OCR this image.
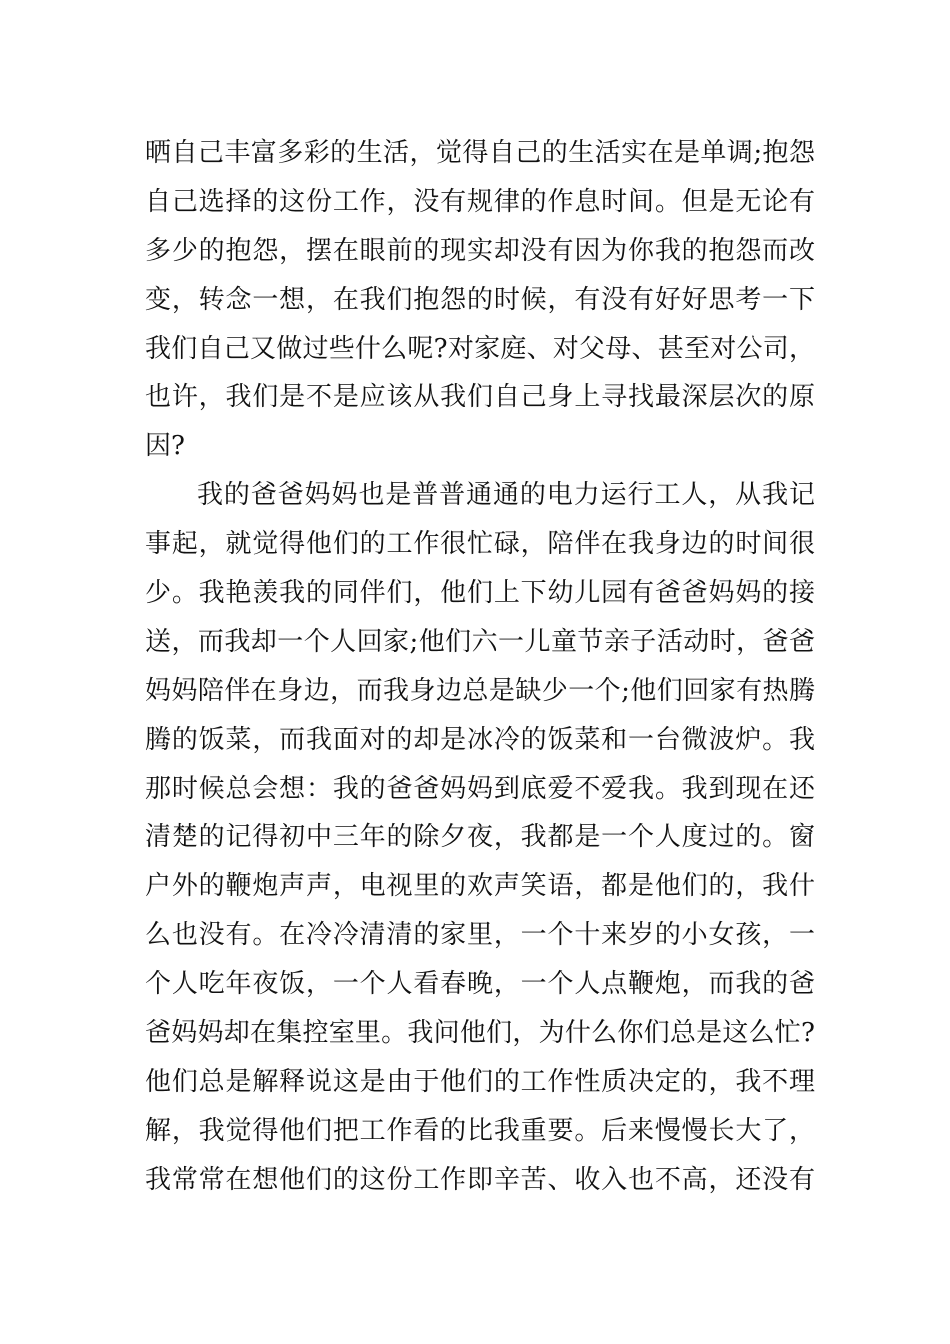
晒自己丰富多彩的生活，觉得自己的生活实在是单调;抱怨
自己选择的这份工作，没有规律的作息时间。但是无论有
多少的抱怨，摆在眼前的现实却没有因为你我的抱怨而改
变，转念一想，在我们抱怨的时候，有没有好好思考一下
我们自己又做过些什么呢?对家庭、对父母、甚至对公司，
也许，我们是不是应该从我们自己身上寻找最深层次的原
因?
我的爸爸妈妈也是普普通通的电力运行工人，从我记
事起，就觉得他们的工作很忙碌，陪伴在我身边的时间很
少。我艳羡我的同伴们，他们上下幼儿园有爸爸妈妈的接
送，而我却一个人回家;他们六一儿童节亲子活动时，爸爸
妈妈陪伴在身边，而我身边总是缺少一个;他们回家有热腾
腾的饭菜，而我面对的却是冰冷的饭菜和一台微波炉。我
那时候总会想：我的爸爸妈妈到底爱不爱我。我到现在还
清楚的记得初中三年的除夕夜，我都是一个人度过的。窗
户外的鞭炮声声，电视里的欢声笑语，都是他们的，我什
么也没有。在冷冷清清的家里，一个十来岁的小女孩，一
个人吃年夜饭，一个人看春晚，一个人点鞭炮，而我的爸
爸妈妈却在集控室里。我问他们，为什么你们总是这么忙?
他们总是解释说这是由于他们的工作性质决定的，我不理
解，我觉得他们把工作看的比我重要。后来慢慢长大了，
我常常在想他们的这份工作即辛苦、收入也不高，还没有
